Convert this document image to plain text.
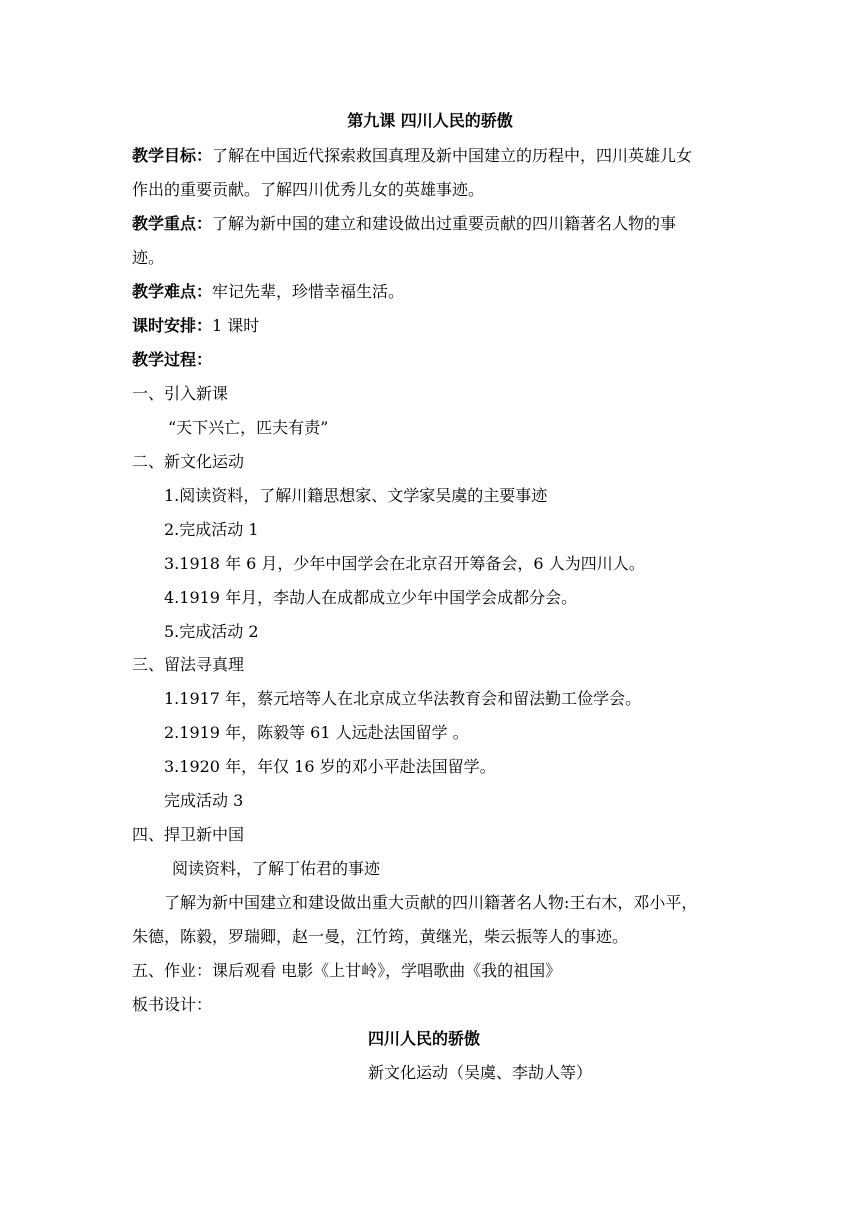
第九课 四川人民的骄傲
教学目标：了解在中国近代探索救国真理及新中国建立的历程中，四川英雄儿女
作出的重要贡献。了解四川优秀儿女的英雄事迹。
教学重点：了解为新中国的建立和建设做出过重要贡献的四川籍著名人物的事
迹。
教学难点：牢记先辈，珍惜幸福生活。
课时安排：1 课时
教学过程：
一、引入新课
“天下兴亡，匹夫有责”
二、新文化运动
1.阅读资料，了解川籍思想家、文学家吴虞的主要事迹
2.完成活动 1
3.1918 年 6 月，少年中国学会在北京召开筹备会，6 人为四川人。
4.1919 年月，李劼人在成都成立少年中国学会成都分会。
5.完成活动 2
三、留法寻真理
1.1917 年，蔡元培等人在北京成立华法教育会和留法勤工俭学会。
2.1919 年，陈毅等 61 人远赴法国留学 。
3.1920 年，年仅 16 岁的邓小平赴法国留学。
完成活动 3
四、捍卫新中国
阅读资料，了解丁佑君的事迹
了解为新中国建立和建设做出重大贡献的四川籍著名人物:王右木，邓小平，
朱德，陈毅，罗瑞卿，赵一曼，江竹筠，黄继光，柴云振等人的事迹。
五、作业：课后观看 电影《上甘岭》，学唱歌曲《我的祖国》
板书设计：
四川人民的骄傲
新文化运动（吴虞、李劼人等）
